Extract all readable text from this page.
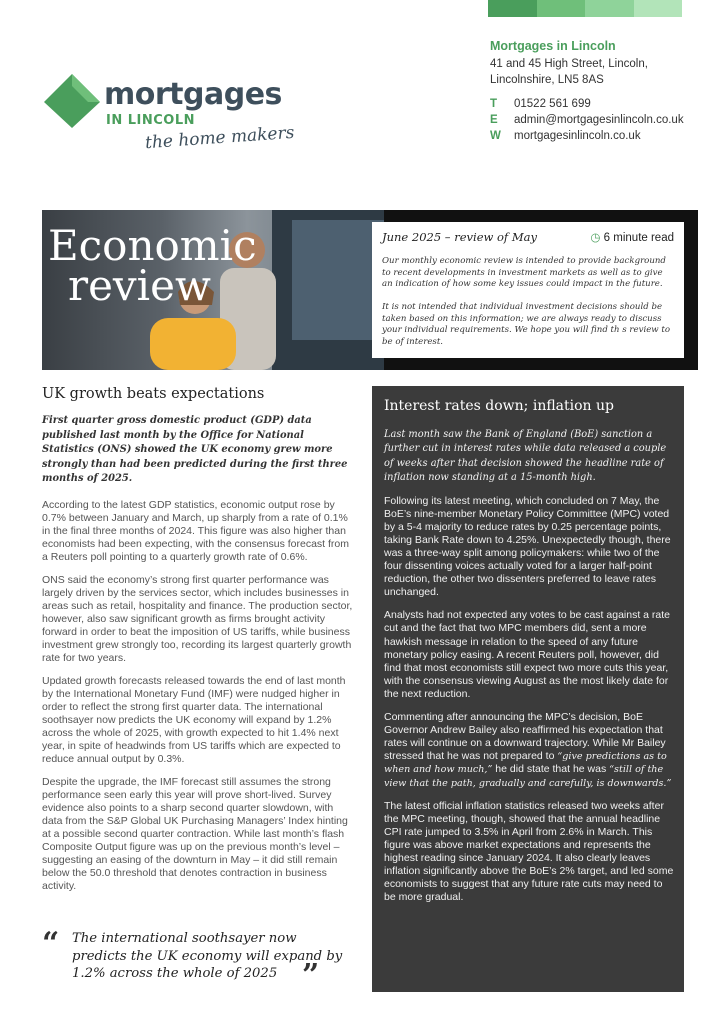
mortgages
IN LINCOLN
the home makers
Mortgages in Lincoln
41 and 45 High Street, Lincoln,
Lincolnshire, LN5 8AS
T	01522 561 699
E	admin@mortgagesinlincoln.co.uk
W	mortgagesinlincoln.co.uk
Economic
review
June 2025 – review of May	◷ 6 minute read

Our monthly economic review is intended to provide background to recent developments in investment markets as well as to give an indication of how some key issues could impact in the future.

It is not intended that individual investment decisions should be taken based on this information; we are always ready to discuss your individual requirements. We hope you will find th s review to be of interest.

UK growth beats expectations

First quarter gross domestic product (GDP) data published last month by the Office for National Statistics (ONS) showed the UK economy grew more strongly than had been predicted during the first three months of 2025.

According to the latest GDP statistics, economic output rose by 0.7% between January and March, up sharply from a rate of 0.1% in the final three months of 2024. This figure was also higher than economists had been expecting, with the consensus forecast from a Reuters poll pointing to a quarterly growth rate of 0.6%.

ONS said the economy’s strong first quarter performance was largely driven by the services sector, which includes businesses in areas such as retail, hospitality and finance. The production sector, however, also saw significant growth as firms brought activity forward in order to beat the imposition of US tariffs, while business investment grew strongly too, recording its largest quarterly growth rate for two years.

Updated growth forecasts released towards the end of last month by the International Monetary Fund (IMF) were nudged higher in order to reflect the strong first quarter data. The international soothsayer now predicts the UK economy will expand by 1.2% across the whole of 2025, with growth expected to hit 1.4% next year, in spite of headwinds from US tariffs which are expected to reduce annual output by 0.3%.

Despite the upgrade, the IMF forecast still assumes the strong performance seen early this year will prove short-lived. Survey evidence also points to a sharp second quarter slowdown, with data from the S&P Global UK Purchasing Managers’ Index hinting at a possible second quarter contraction. While last month’s flash Composite Output figure was up on the previous month’s level – suggesting an easing of the downturn in May – it did still remain below the 50.0 threshold that denotes contraction in business activity.

“ The international soothsayer now predicts the UK economy will expand by 1.2% across the whole of 2025 ”
Interest rates down; inflation up

Last month saw the Bank of England (BoE) sanction a further cut in interest rates while data released a couple of weeks after that decision showed the headline rate of inflation now standing at a 15-month high.

Following its latest meeting, which concluded on 7 May, the BoE’s nine-member Monetary Policy Committee (MPC) voted by a 5-4 majority to reduce rates by 0.25 percentage points, taking Bank Rate down to 4.25%. Unexpectedly though, there was a three-way split among policymakers: while two of the four dissenting voices actually voted for a larger half-point reduction, the other two dissenters preferred to leave rates unchanged.

Analysts had not expected any votes to be cast against a rate cut and the fact that two MPC members did, sent a more hawkish message in relation to the speed of any future monetary policy easing. A recent Reuters poll, however, did find that most economists still expect two more cuts this year, with the consensus viewing August as the most likely date for the next reduction.

Commenting after announcing the MPC’s decision, BoE Governor Andrew Bailey also reaffirmed his expectation that rates will continue on a downward trajectory. While Mr Bailey stressed that he was not prepared to “give predictions as to when and how much,” he did state that he was “still of the view that the path, gradually and carefully, is downwards.”

The latest official inflation statistics released two weeks after the MPC meeting, though, showed that the annual headline CPI rate jumped to 3.5% in April from 2.6% in March. This figure was above market expectations and represents the highest reading since January 2024. It also clearly leaves inflation significantly above the BoE’s 2% target, and led some economists to suggest that any future rate cuts may need to be more gradual.
